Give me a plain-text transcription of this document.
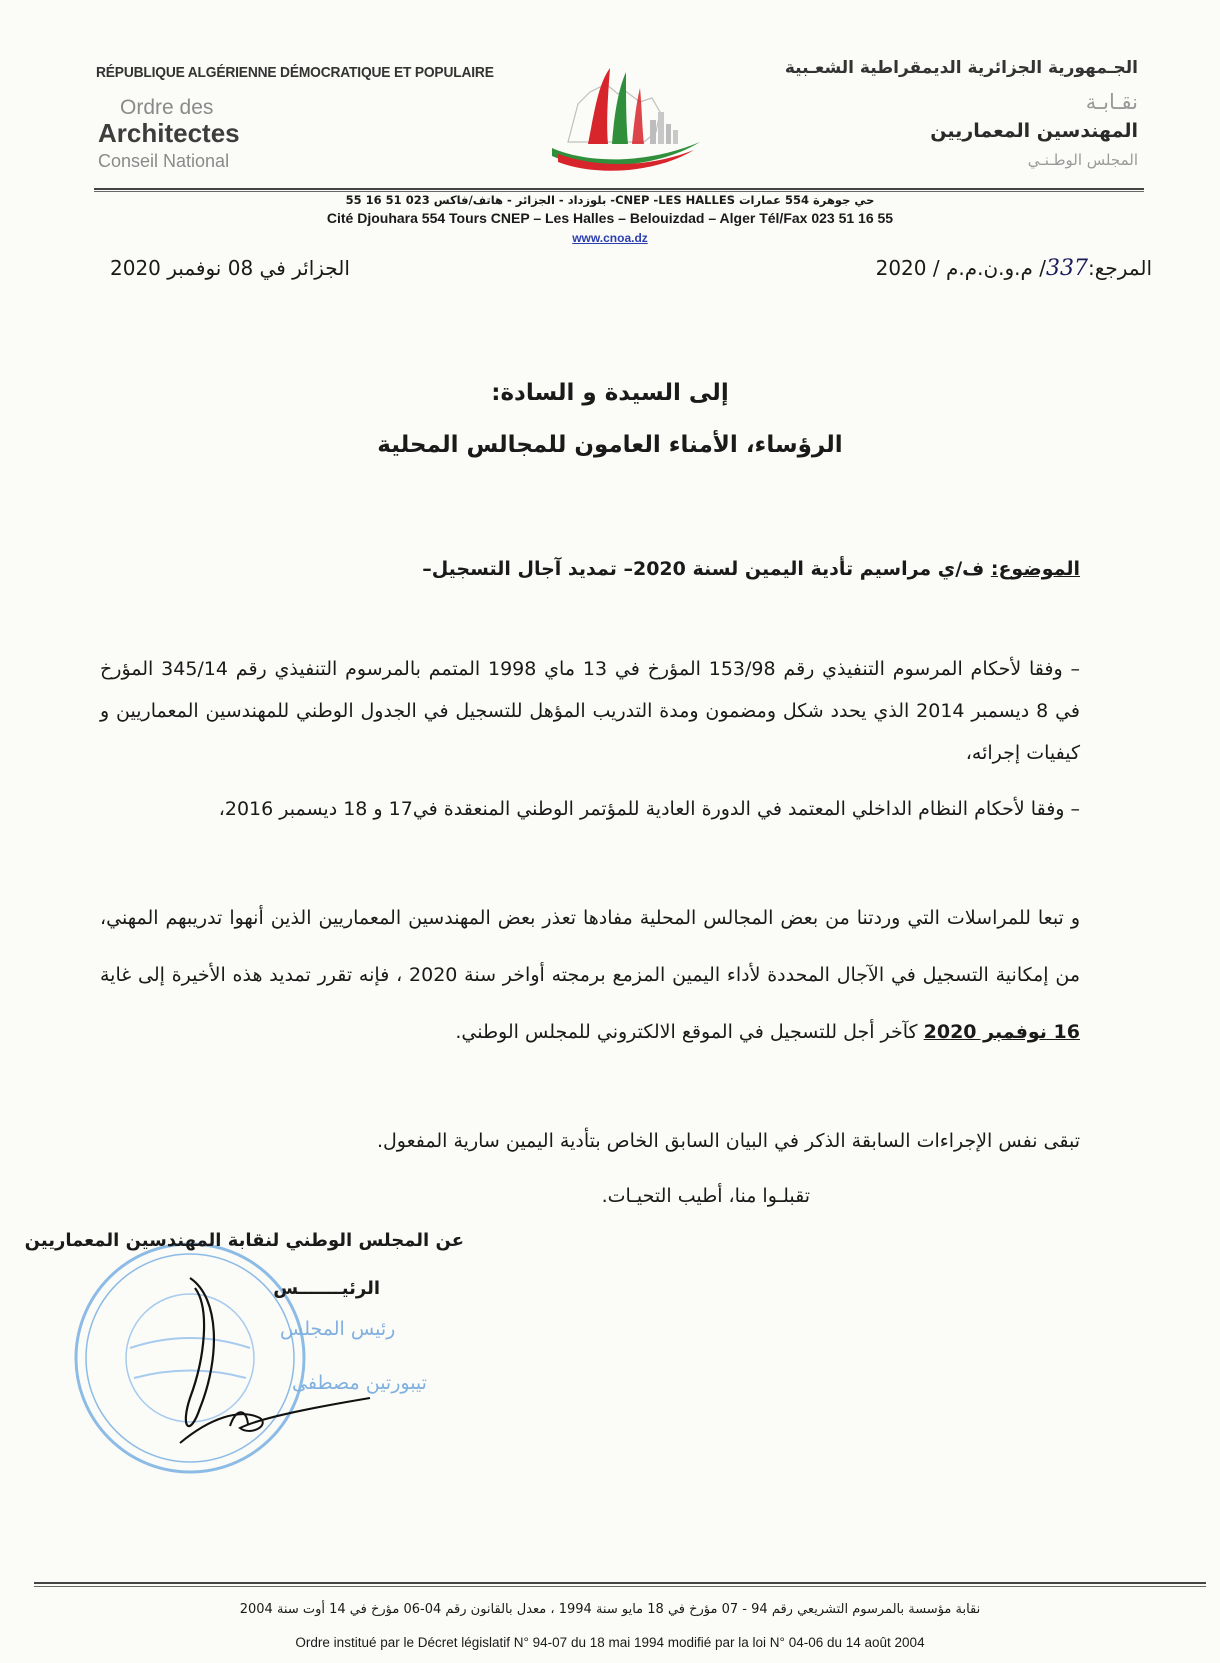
RÉPUBLIQUE ALGÉRIENNE DÉMOCRATIQUE ET POPULAIRE
Ordre des
Architectes
Conseil National
الجـمهورية الجزائرية الديمقراطية الشعـبية
نقـابـة
المهندسين المعماريين
المجلس الوطـنـي
حي جوهرة 554 عمارات CNEP -LES HALLES- بلوزداد - الجزائر - هاتف/فاكس 023 51 16 55
Cité Djouhara 554 Tours CNEP – Les Halles – Belouizdad – Alger Tél/Fax 023 51 16 55
www.cnoa.dz
الجزائر في 08 نوفمبر 2020	المرجع:337/ م.و.ن.م.م / 2020
إلى السيدة و السادة:
الرؤساء، الأمناء العامون للمجالس المحلية
الموضوع: ف/ي مراسيم تأدية اليمين لسنة 2020– تمديد آجال التسجيل–
– وفقا لأحكام المرسوم التنفيذي رقم 153/98 المؤرخ في 13 ماي 1998 المتمم بالمرسوم التنفيذي رقم 345/14 المؤرخ في 8 ديسمبر 2014 الذي يحدد شكل ومضمون ومدة التدريب المؤهل للتسجيل في الجدول الوطني للمهندسين المعماريين و كيفيات إجرائه،
– وفقا لأحكام النظام الداخلي المعتمد في الدورة العادية للمؤتمر الوطني المنعقدة في17 و 18 ديسمبر 2016،
و تبعا للمراسلات التي وردتنا من بعض المجالس المحلية مفادها تعذر بعض المهندسين المعماريين الذين أنهوا تدريبهم المهني، من إمكانية التسجيل في الآجال المحددة لأداء اليمين المزمع برمجته أواخر سنة 2020 ، فإنه تقرر تمديد هذه الأخيرة إلى غاية 16 نوفمبر 2020 كآخر أجل للتسجيل في الموقع الالكتروني للمجلس الوطني.
تبقى نفس الإجراءات السابقة الذكر في البيان السابق الخاص بتأدية اليمين سارية المفعول.
تقبلـوا منا، أطيب التحيـات.
رئيس المجلس
تيبورتين مصطفى
عن المجلس الوطني لنقابة المهندسين المعماريين
الرئيـــــــس
نقابة مؤسسة بالمرسوم التشريعي رقم 94 - 07 مؤرخ في 18 مايو سنة 1994 ، معدل بالقانون رقم 04-06 مؤرخ في 14 أوت سنة 2004
Ordre institué par le Décret législatif N° 94-07 du 18 mai 1994 modifié par la loi N° 04-06 du 14 août 2004
